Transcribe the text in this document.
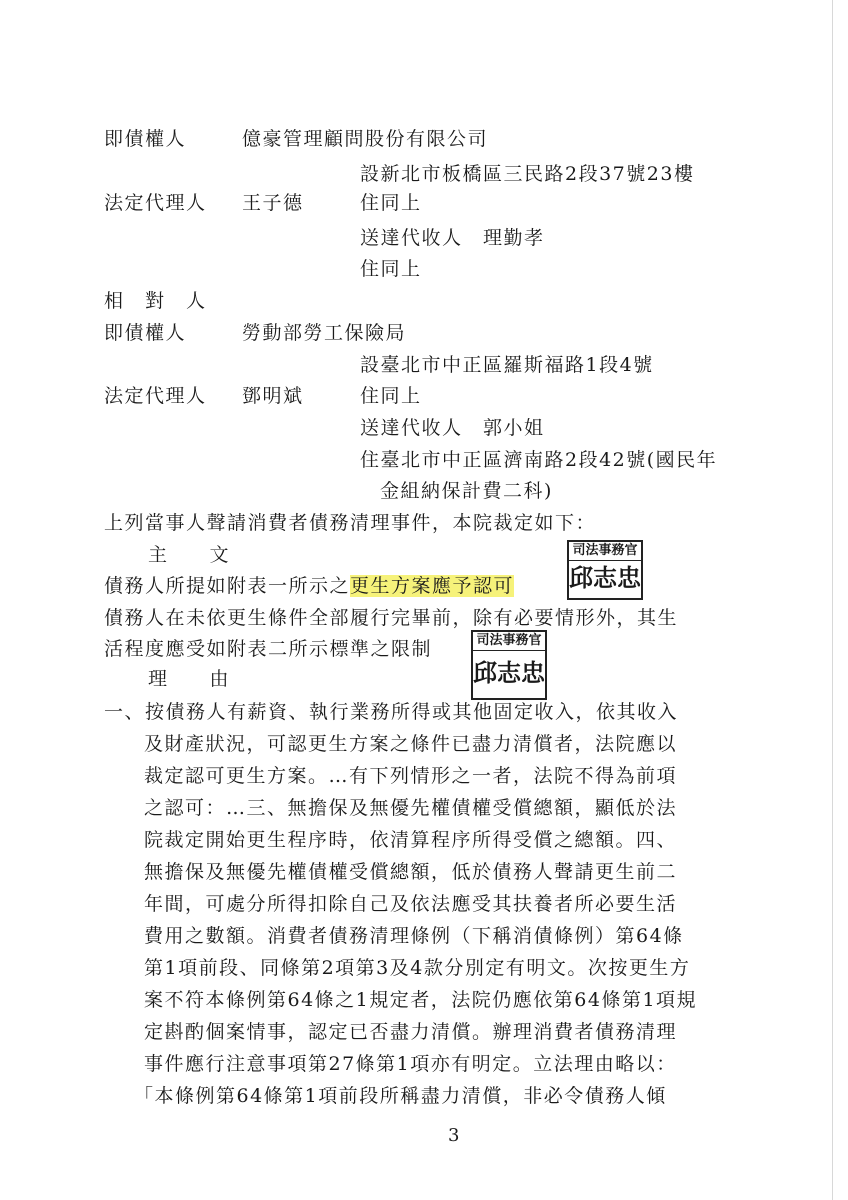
即債權人	億豪管理顧問股份有限公司
設新北市板橋區三民路2段37號23樓
法定代理人 王子德	住同上
送達代收人　理勤孝
住同上
相　對　人
即債權人	勞動部勞工保險局
設臺北市中正區羅斯福路1段4號
法定代理人 鄧明斌	住同上
送達代收人　郭小姐
住臺北市中正區濟南路2段42號(國民年
金組納保計費二科)
上列當事人聲請消費者債務清理事件，本院裁定如下：
主　　文
債務人所提如附表一所示之更生方案應予認可
司法事務官
邱志忠
債務人在未依更生條件全部履行完畢前，除有必要情形外，其生
活程度應受如附表二所示標準之限制	司法事務官
邱志忠
理　　由
一、按債務人有薪資、執行業務所得或其他固定收入，依其收入
及財產狀況，可認更生方案之條件已盡力清償者，法院應以
裁定認可更生方案。…有下列情形之一者，法院不得為前項
之認可：…三、無擔保及無優先權債權受償總額，顯低於法
院裁定開始更生程序時，依清算程序所得受償之總額。四、
無擔保及無優先權債權受償總額，低於債務人聲請更生前二
年間，可處分所得扣除自己及依法應受其扶養者所必要生活
費用之數額。消費者債務清理條例（下稱消債條例）第64條
第1項前段、同條第2項第3及4款分別定有明文。次按更生方
案不符本條例第64條之1規定者，法院仍應依第64條第1項規
定斟酌個案情事，認定已否盡力清償。辦理消費者債務清理
事件應行注意事項第27條第1項亦有明定。立法理由略以：
「本條例第64條第1項前段所稱盡力清償，非必令債務人傾
3
